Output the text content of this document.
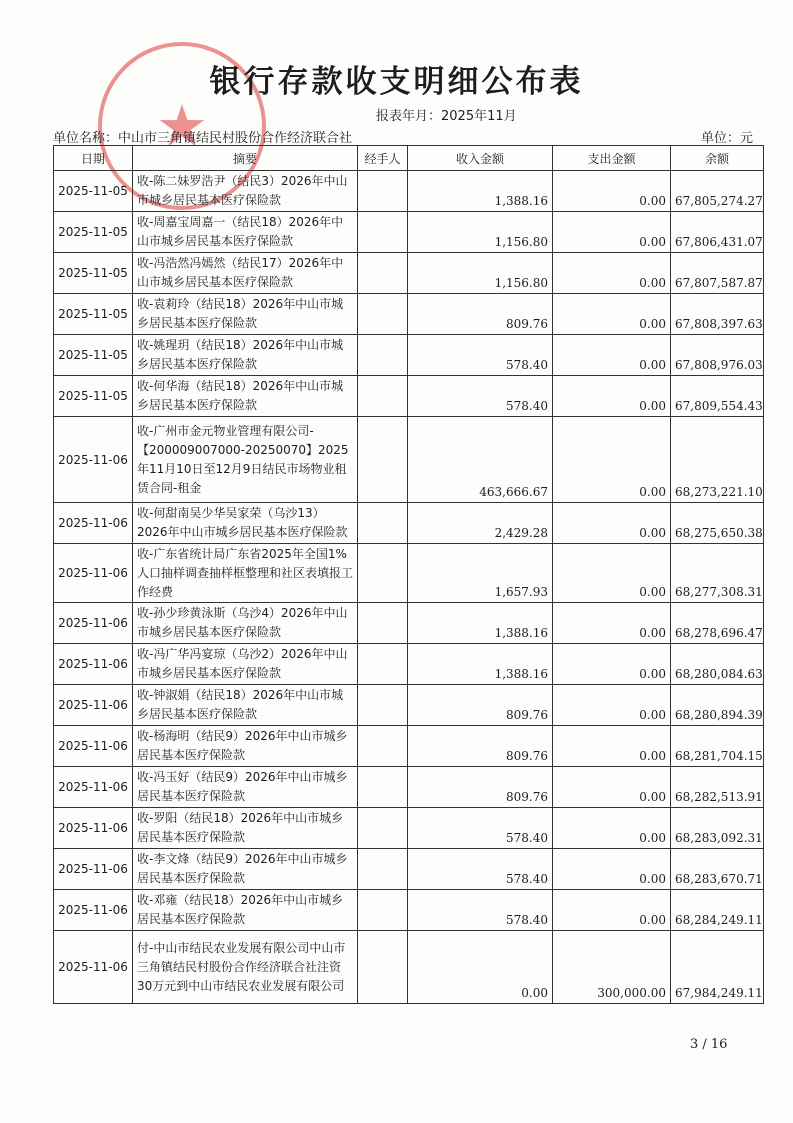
★
银行存款收支明细公布表
报表年月：2025年11月
单位名称：中山市三角镇结民村股份合作经济联合社	单位：元
日期	摘要	经手人	收入金额	支出金额	余额
2025-11-05	收-陈二妹罗浩尹（结民3）2026年中山市城乡居民基本医疗保险款		1,388.16	0.00	67,805,274.27
2025-11-05	收-周嘉宝周嘉一（结民18）2026年中山市城乡居民基本医疗保险款		1,156.80	0.00	67,806,431.07
2025-11-05	收-冯浩然冯嫣然（结民17）2026年中山市城乡居民基本医疗保险款		1,156.80	0.00	67,807,587.87
2025-11-05	收-袁莉玲（结民18）2026年中山市城乡居民基本医疗保险款		809.76	0.00	67,808,397.63
2025-11-05	收-姚瑆玥（结民18）2026年中山市城乡居民基本医疗保险款		578.40	0.00	67,808,976.03
2025-11-05	收-何华海（结民18）2026年中山市城乡居民基本医疗保险款		578.40	0.00	67,809,554.43
2025-11-06	收-广州市金元物业管理有限公司-【200009007000-20250070】2025年11月10日至12月9日结民市场物业租赁合同-租金		463,666.67	0.00	68,273,221.10
2025-11-06	收-何甜南吴少华吴家荣（乌沙13）2026年中山市城乡居民基本医疗保险款		2,429.28	0.00	68,275,650.38
2025-11-06	收-广东省统计局广东省2025年全国1%人口抽样调查抽样框整理和社区表填报工作经费		1,657.93	0.00	68,277,308.31
2025-11-06	收-孙少珍黄泳斯（乌沙4）2026年中山市城乡居民基本医疗保险款		1,388.16	0.00	68,278,696.47
2025-11-06	收-冯广华冯宴琼（乌沙2）2026年中山市城乡居民基本医疗保险款		1,388.16	0.00	68,280,084.63
2025-11-06	收-钟淑娟（结民18）2026年中山市城乡居民基本医疗保险款		809.76	0.00	68,280,894.39
2025-11-06	收-杨海明（结民9）2026年中山市城乡居民基本医疗保险款		809.76	0.00	68,281,704.15
2025-11-06	收-冯玉好（结民9）2026年中山市城乡居民基本医疗保险款		809.76	0.00	68,282,513.91
2025-11-06	收-罗阳（结民18）2026年中山市城乡居民基本医疗保险款		578.40	0.00	68,283,092.31
2025-11-06	收-李文烽（结民9）2026年中山市城乡居民基本医疗保险款		578.40	0.00	68,283,670.71
2025-11-06	收-邓雍（结民18）2026年中山市城乡居民基本医疗保险款		578.40	0.00	68,284,249.11
2025-11-06	付-中山市结民农业发展有限公司中山市三角镇结民村股份合作经济联合社注资30万元到中山市结民农业发展有限公司		0.00	300,000.00	67,984,249.11
3 / 16
